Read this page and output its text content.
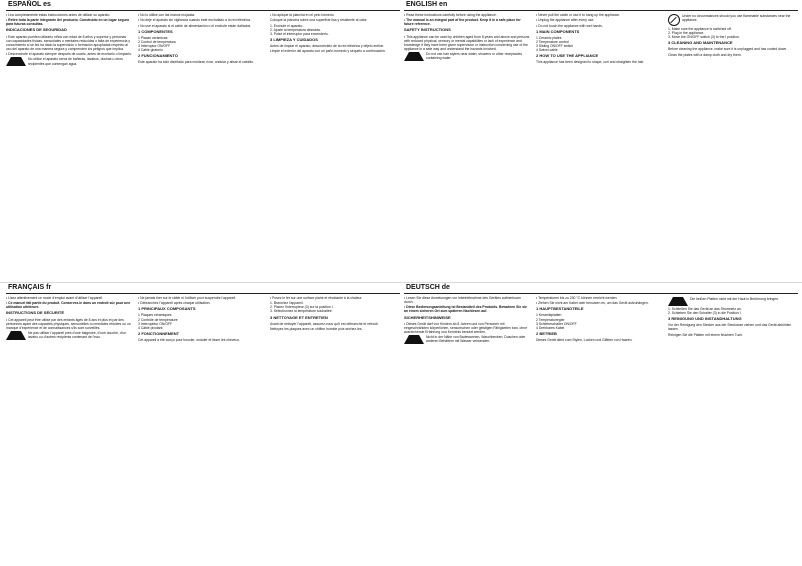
ESPAÑOL es

• Lea completamente estas instrucciones antes de utilizar su aparato.

• Retire toda la parte integrante del producto. Construido en un lugar seguro para futuras consultas.

INDICACIONES DE SEGURIDAD

• Este aparato pueden utilizarlo niños con edad de 8 años y superior y personas con capacidades físicas, sensoriales o mentales reducidas o falta de experiencia y conocimiento si se les ha dado la supervisión o formación apropiadas respecto al uso del aparato de una manera segura y comprenden los peligros que implica.

• Descenchufe el aparato siempre después de usarlo, antes de montarlo o limpiarlo.

No utilice el aparato cerca de bañeras, lavabos, duchas u otros recipientes que contengan agua.

• No lo utilice con las manos mojadas.

• No deje el aparato sin vigilancia cuando esté enchufado a la red eléctrica.

• No use el aparato si el cable de alimentación o el enchufe están dañados.

1 COMPONENTES

1 Placas cerámicas
2 Control de temperatura
3 Interruptor ON/OFF
4 Cable giratorio

2 FUNCIONAMIENTO

Este aparato ha sido diseñado para moldear, rizar, ondular y alisar el cabello.

• No aplique la plancha en el pelo húmedo.

Coloque la plancha sobre una superficie lisa y resistente al calor.

1. Enchufe el aparato.
2. Ajuste la temperatura deseada.
3. Pulse el interruptor para encenderlo.

3 LIMPIEZA Y CUIDADOS

Antes de limpiar el aparato, desconéctelo de la red eléctrica y déjelo enfriar.

Limpie el exterior del aparato con un paño húmedo y séquelo a continuación.

ENGLISH en

• Read these instructions carefully before using the appliance.

• The manual is an integral part of the product. Keep it in a safe place for future reference.

SAFETY INSTRUCTIONS

• This appliance can be used by children aged from 8 years and above and persons with reduced physical, sensory or mental capabilities or lack of experience and knowledge if they have been given supervision or instruction concerning use of the appliance in a safe way and understand the hazards involved.

Do not use hair stylers near water, showers or other receptacles containing water.

• Never pull the cable or use it to hang up the appliance.

• Unplug the appliance after every use.

• Do not touch the appliance with wet hands.

1 MAIN COMPONENTS

1 Ceramic plates
2 Temperature control
3 Sliding ON/OFF switch
4 Swivel cable

2 HOW TO USE THE APPLIANCE

This appliance has been designed to shape, curl and straighten the hair.

Under no circumstances should you use flammable substances near the appliance.

1. Make sure the appliance is switched off.
2. Plug in the appliance.
3. Move the ON/OFF switch (3) to the I position.

3 CLEANING AND MAINTENANCE

Before cleaning the appliance, make sure it is unplugged and has cooled down.

Clean the plates with a damp cloth and dry them.

FRANÇAIS fr

• Lisez attentivement ce mode d’emploi avant d’utiliser l’appareil.

• Ce manuel fait partie du produit. Conservez-le dans un endroit sûr pour une utilisation ultérieure.

INSTRUCTIONS DE SÉCURITÉ

• Cet appareil peut être utilisé par des enfants âgés de 8 ans et plus et par des personnes ayant des capacités physiques, sensorielles ou mentales réduites ou un manque d’expérience et de connaissances s’ils sont surveillés.

Ne pas utiliser l’appareil près d’une baignoire, d’une douche, d’un lavabo ou d’autres récipients contenant de l’eau.

• Ne jamais tirer sur le câble ni l’utiliser pour suspendre l’appareil.

• Débranchez l’appareil après chaque utilisation.

1 PRINCIPAUX COMPOSANTS

1 Plaques céramiques
2 Contrôle de température
3 Interrupteur ON/OFF
4 Câble pivotant

2 FONCTIONNEMENT

Cet appareil a été conçu pour boucler, onduler et lisser les cheveux.

• Posez le fer sur une surface plane et résistante à la chaleur.

1. Branchez l’appareil.
2. Placez l’interrupteur (3) sur la position I.
3. Sélectionnez la température souhaitée.

3 NETTOYAGE ET ENTRETIEN

Avant de nettoyer l’appareil, assurez-vous qu’il est débranché et refroidi.

Nettoyez les plaques avec un chiffon humide puis séchez-les.

DEUTSCH de

• Lesen Sie diese Anweisungen vor Inbetriebnahme des Gerätes aufmerksam durch.

• Diese Bedienungsanleitung ist Bestandteil des Produkts. Bewahren Sie sie an einem sicheren Ort zum späteren Nachlesen auf.

SICHERHEITSHINWEISE

• Dieses Gerät darf von Kindern ab 8 Jahren und von Personen mit eingeschränkten körperlichen, sensorischen oder geistigen Fähigkeiten bzw. ohne ausreichende Erfahrung und Kenntnis benutzt werden.

Nicht in der Nähe von Badewannen, Waschbecken, Duschen oder anderen Behältern mit Wasser verwenden.

• Temperaturen bis zu 230 °C können erreicht werden.

• Ziehen Sie nicht am Kabel oder benutzen es, um das Gerät aufzuhängen.

1 HAUPTBESTANDTEILE

1 Keramikplatten
2 Temperaturregler
3 Schiebeschalter ON/OFF
4 Drehbares Kabel

2 BETRIEB

Dieses Gerät dient zum Stylen, Locken und Glätten von Haaren.

Die heißen Platten nicht mit der Haut in Berührung bringen.

1. Schließen Sie das Gerät an das Stromnetz an.
2. Schieben Sie den Schalter (3) in die Position I.

3 REINIGUNG UND INSTANDHALTUNG

Vor der Reinigung den Stecker aus der Steckdose ziehen und das Gerät abkühlen lassen.

Reinigen Sie die Platten mit einem feuchten Tuch.
